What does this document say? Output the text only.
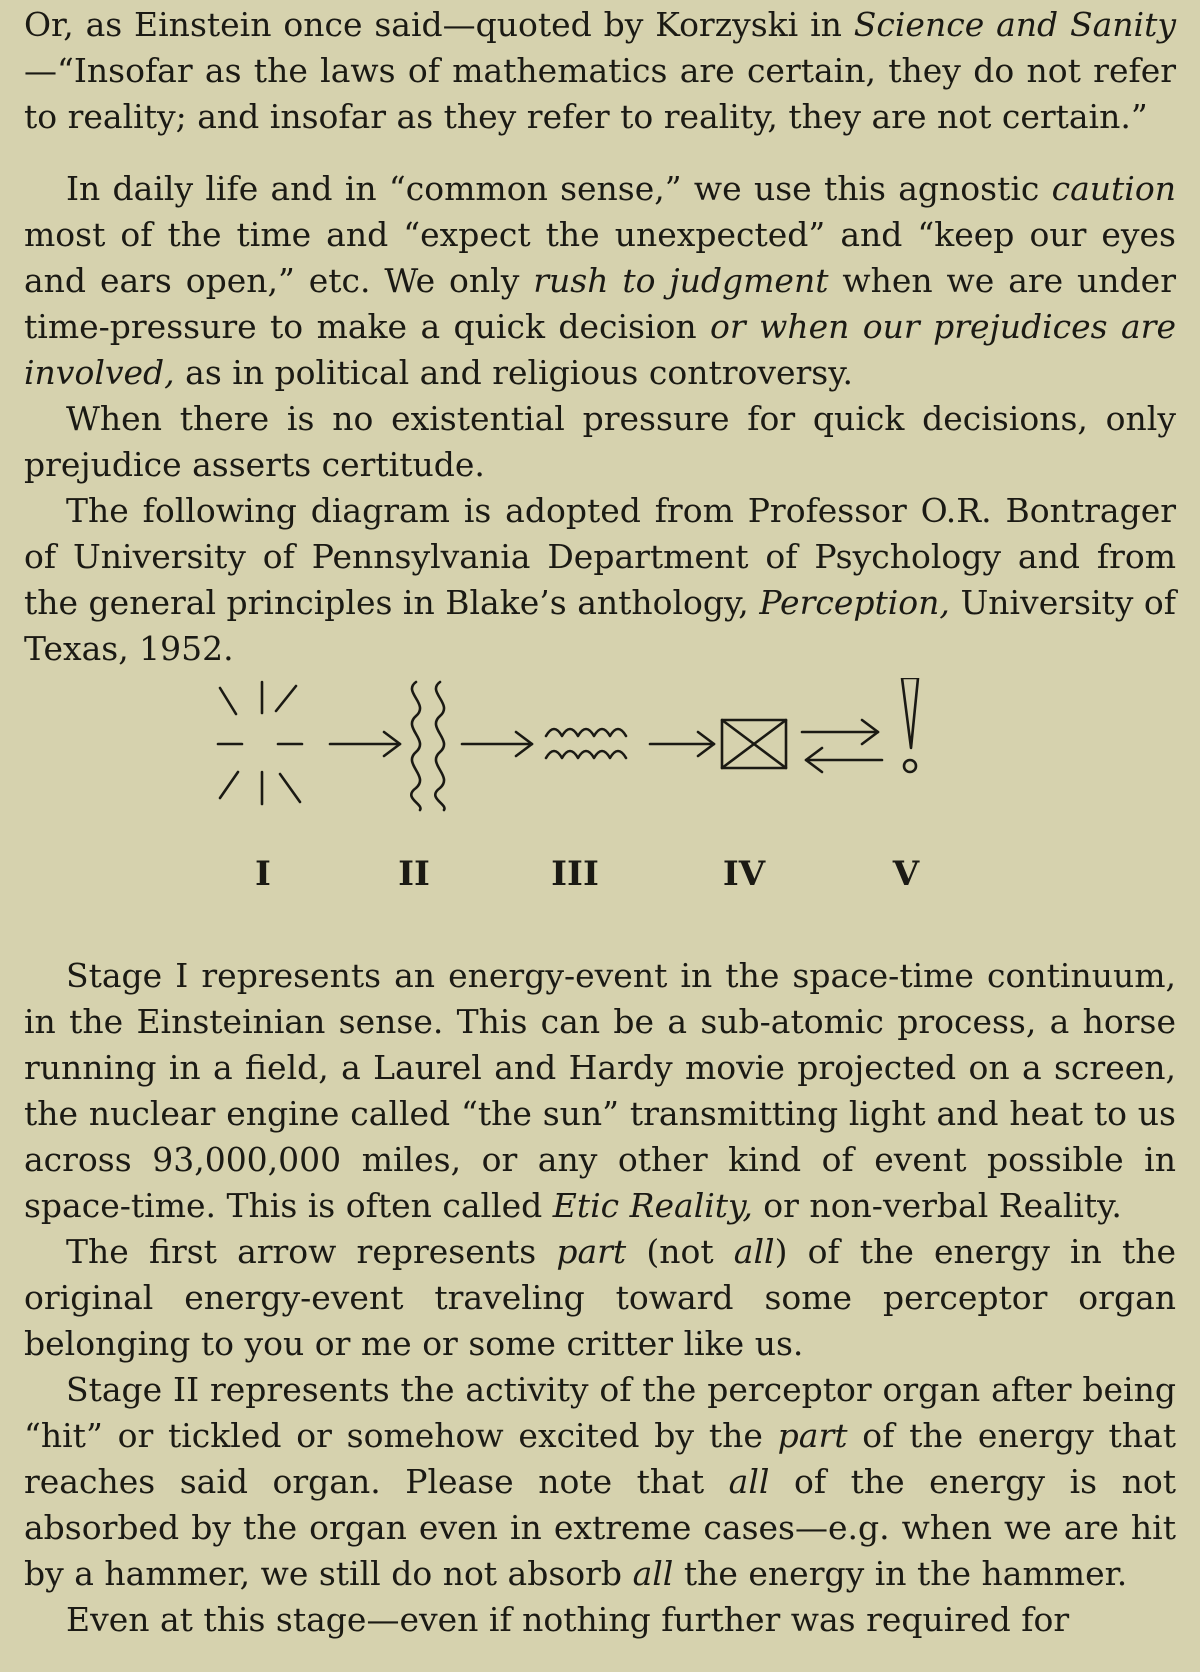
Or, as Einstein once said—quoted by Korzyski in Science and Sanity—“Insofar as the laws of mathematics are certain, they do not refer to reality; and insofar as they refer to reality, they are not certain.”

In daily life and in “common sense,” we use this agnostic caution most of the time and “expect the unexpected” and “keep our eyes and ears open,” etc. We only rush to judgment when we are under time-pressure to make a quick decision or when our prejudices are involved, as in political and religious controversy.

When there is no existential pressure for quick decisions, only prejudice asserts certitude.

The following diagram is adopted from Professor O.R. Bontrager of University of Pennsylvania Department of Psychology and from the general principles in Blake’s anthology, Perception, University of Texas, 1952.

I	II	III	IV	V

Stage I represents an energy-event in the space-time continuum, in the Einsteinian sense. This can be a sub-atomic process, a horse running in a field, a Laurel and Hardy movie projected on a screen, the nuclear engine called “the sun” transmitting light and heat to us across 93,000,000 miles, or any other kind of event possible in space-time. This is often called Etic Reality, or non-verbal Reality.

The first arrow represents part (not all) of the energy in the original energy-event traveling toward some perceptor organ belonging to you or me or some critter like us.

Stage II represents the activity of the perceptor organ after being “hit” or tickled or somehow excited by the part of the energy that reaches said organ. Please note that all of the energy is not absorbed by the organ even in extreme cases—e.g. when we are hit by a hammer, we still do not absorb all the energy in the hammer.

Even at this stage—even if nothing further was required for
